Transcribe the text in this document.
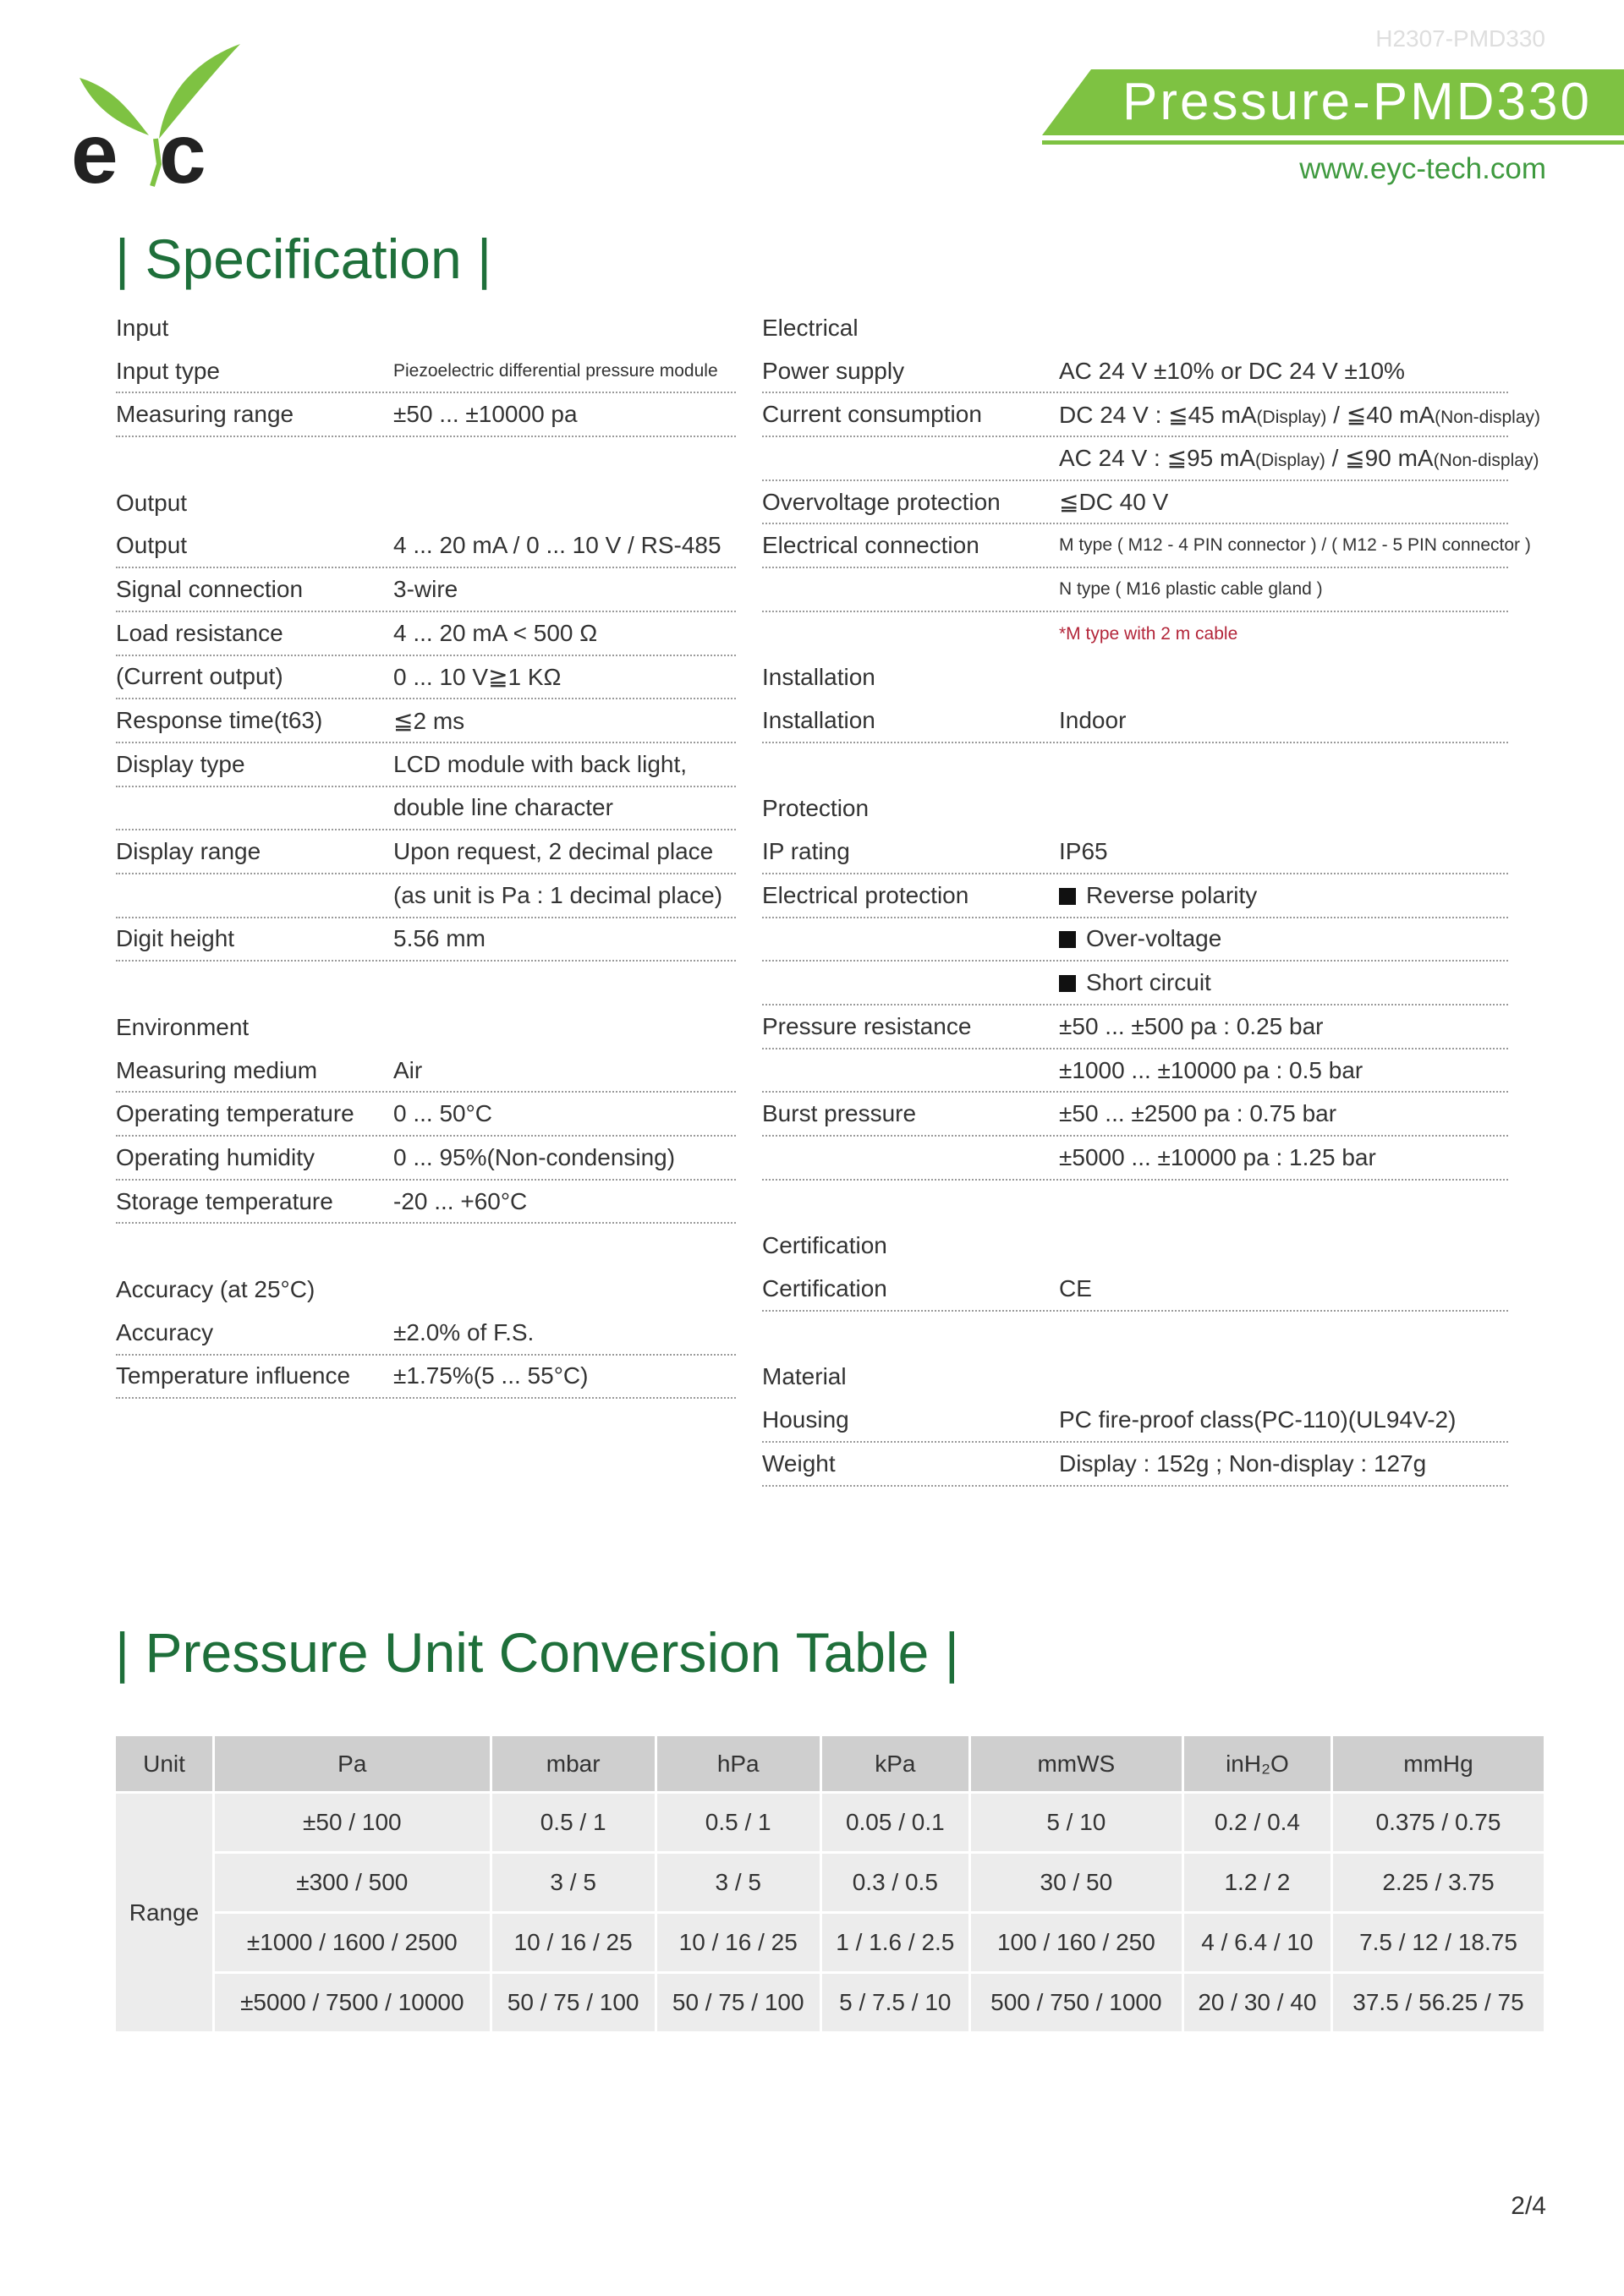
H2307-PMD330
e c
Pressure-PMD330
www.eyc-tech.com
| Specification |
Input
Input type	Piezoelectric differential pressure module
Measuring range	±50 ... ±10000 pa
Output
Output	4 ... 20 mA / 0 ... 10 V / RS-485
Signal connection	3-wire
Load resistance	4 ... 20 mA < 500 Ω
(Current output)	0 ... 10 V≧1 KΩ
Response time(t63)	≦2 ms
Display type	LCD module with back light,
double line character
Display range	Upon request, 2 decimal place
(as unit is Pa : 1 decimal place)
Digit height	5.56 mm
Environment
Measuring medium	Air
Operating temperature	0 ... 50°C
Operating humidity	0 ... 95%(Non-condensing)
Storage temperature	-20 ... +60°C
Accuracy (at 25°C)
Accuracy	±2.0% of F.S.
Temperature influence	±1.75%(5 ... 55°C)
Electrical
Power supply	AC 24 V ±10% or DC 24 V ±10%
Current consumption	DC 24 V : ≦45 mA(Display) / ≦40 mA(Non-display)
AC 24 V : ≦95 mA(Display) / ≦90 mA(Non-display)
Overvoltage protection	≦DC 40 V
Electrical connection	M type ( M12 - 4 PIN connector ) / ( M12 - 5 PIN connector )
N type ( M16 plastic cable gland )
*M type with 2 m cable
Installation
Installation	Indoor
Protection
IP rating	IP65
Electrical protection	Reverse polarity
Over-voltage
Short circuit
Pressure resistance	±50 ... ±500 pa : 0.25 bar
±1000 ... ±10000 pa : 0.5 bar
Burst pressure	±50 ... ±2500 pa : 0.75 bar
±5000 ... ±10000 pa : 1.25 bar
Certification
Certification	CE
Material
Housing	PC fire-proof class(PC-110)(UL94V-2)
Weight	Display : 152g ; Non-display : 127g
| Pressure Unit Conversion Table |
Unit	Pa	mbar	hPa	kPa	mmWS	inH₂O	mmHg
Range	±50 / 100	0.5 / 1	0.5 / 1	0.05 / 0.1	5 / 10	0.2 / 0.4	0.375 / 0.75
	±300 / 500	3 / 5	3 / 5	0.3 / 0.5	30 / 50	1.2 / 2	2.25 / 3.75
	±1000 / 1600 / 2500	10 / 16 / 25	10 / 16 / 25	1 / 1.6 / 2.5	100 / 160 / 250	4 / 6.4 / 10	7.5 / 12 / 18.75
	±5000 / 7500 / 10000	50 / 75 / 100	50 / 75 / 100	5 / 7.5 / 10	500 / 750 / 1000	20 / 30 / 40	37.5 / 56.25 / 75
2/4
